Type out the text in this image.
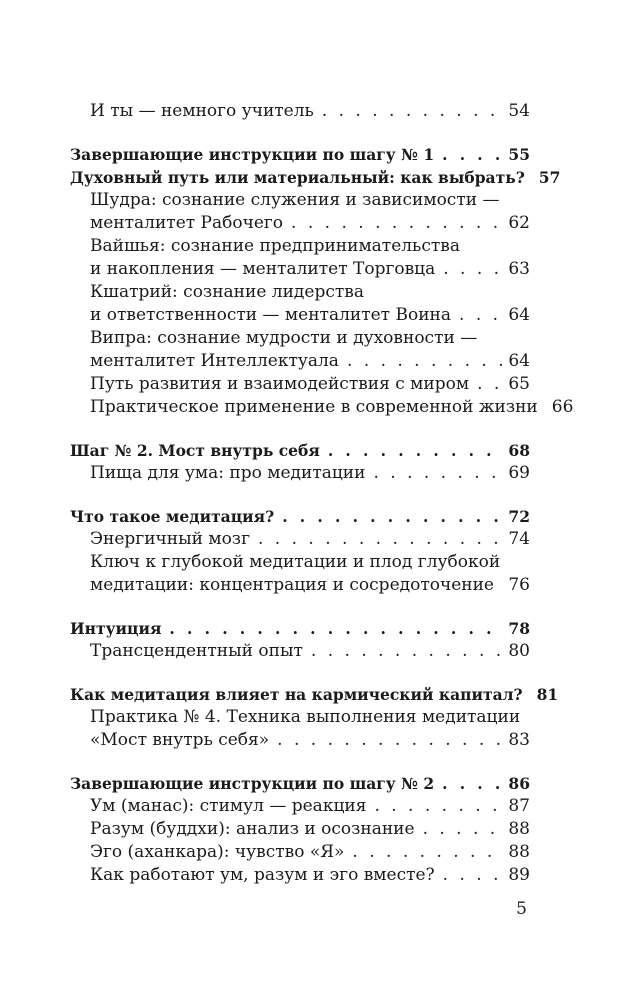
И ты — немного учитель . . .	54
Завершающие инструкции по шагу № 1 . . .	55
Духовный путь или материальный: как выбрать? 57
Шудра: сознание служения и зависимости —
менталитет Рабочего . . .	62
Вайшья: сознание предпринимательства
и накопления — менталитет Торговца . . .	63
Кшатрий: сознание лидерства
и ответственности — менталитет Воина . . .	64
Випра: сознание мудрости и духовности —
менталитет Интеллектуала . . .	64
Путь развития и взаимодействия с миром . . . 65
Практическое применение в современной жизни 66
Шаг № 2. Мост внутрь себя . . .	68
Пища для ума: про медитации . . .	69
Что такое медитация? . . .	72
Энергичный мозг . . .	74
Ключ к глубокой медитации и плод глубокой
медитации: концентрация и сосредоточение . . . 76
Интуиция . . .	78
Трансцендентный опыт . . .	80
Как медитация влияет на кармический капитал? 81
Практика № 4. Техника выполнения медитации
«Мост внутрь себя» . . .	83
Завершающие инструкции по шагу № 2 . . .	86
Ум (манас): стимул — реакция . . .	87
Разум (буддхи): анализ и осознание . . .	88
Эго (аханкара): чувство «Я» . . .	88
Как работают ум, разум и эго вместе? . . .	89
5
